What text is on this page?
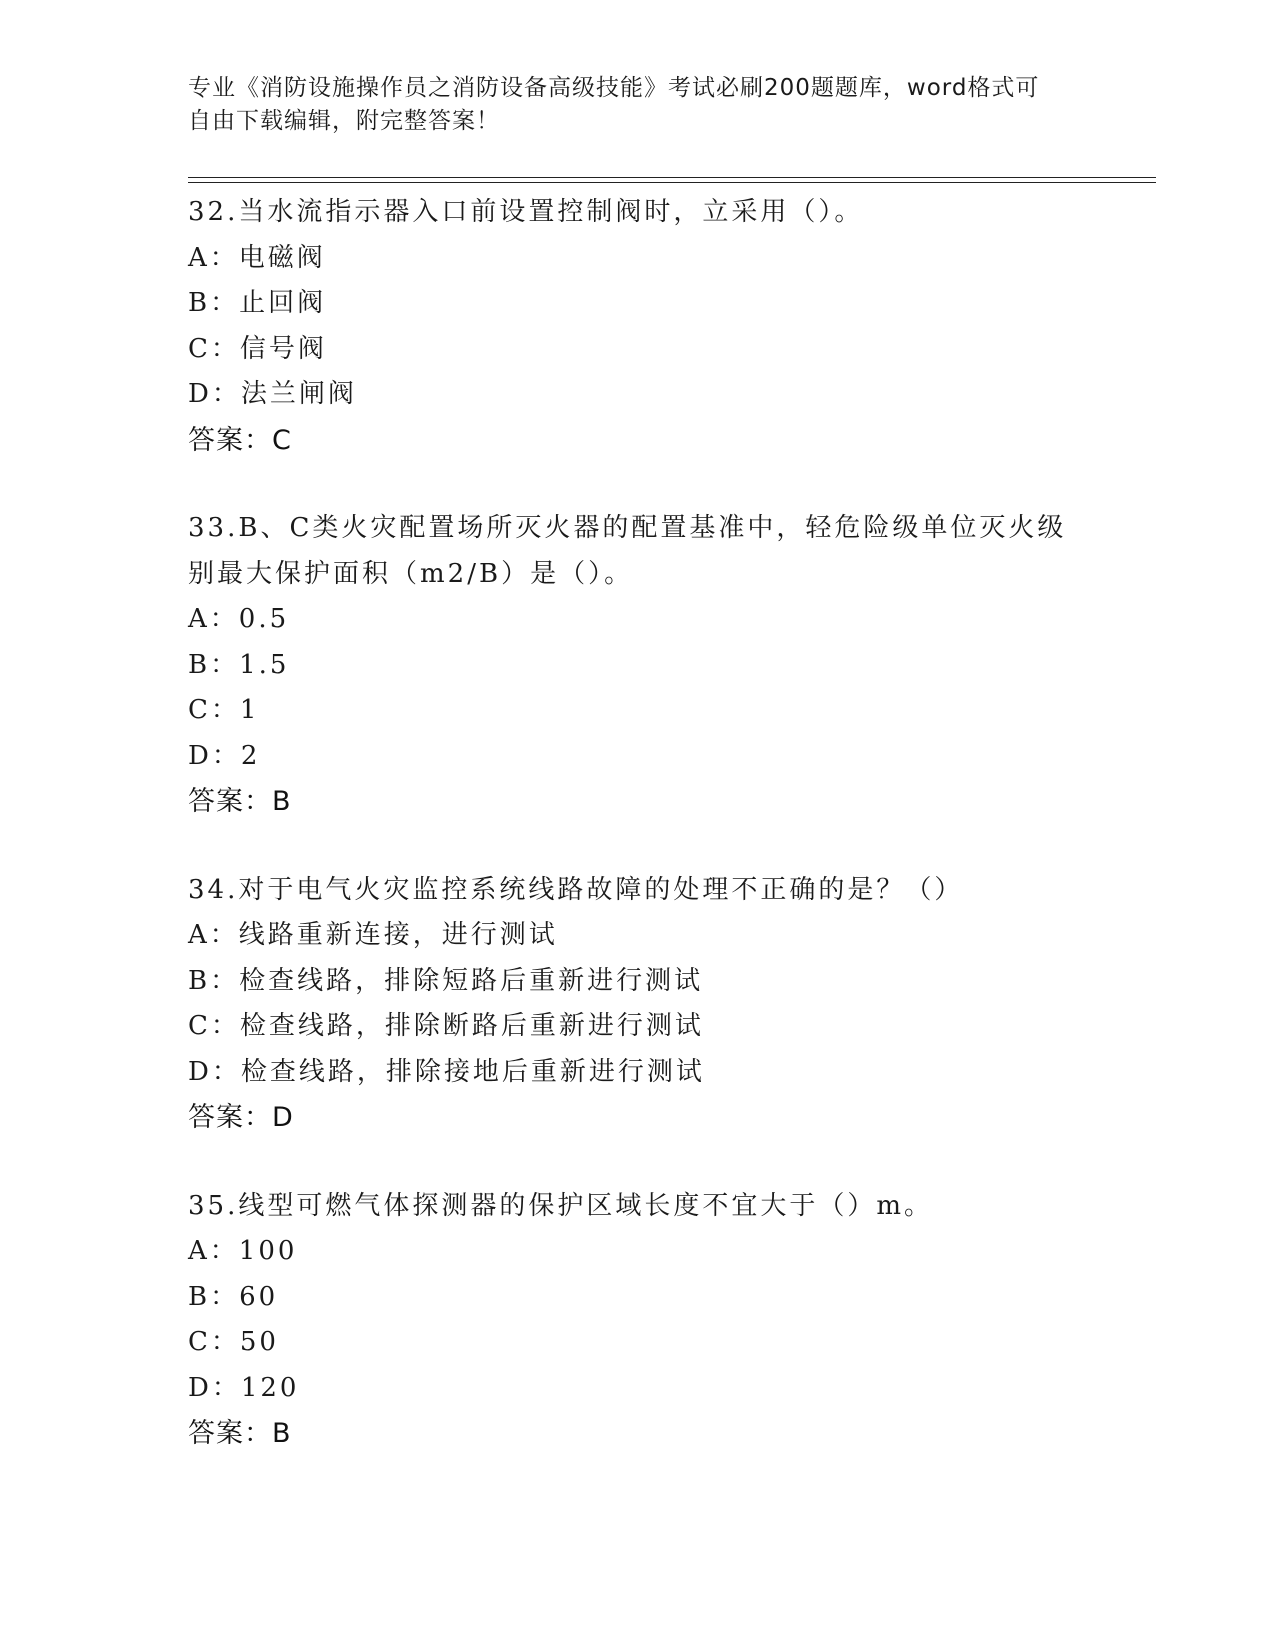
专业《消防设施操作员之消防设备高级技能》考试必刷200题题库，word格式可
自由下载编辑，附完整答案！
32.当水流指示器入口前设置控制阀时，立采用（）。
A：电磁阀
B：止回阀
C：信号阀
D：法兰闸阀
答案：C
33.B、C类火灾配置场所灭火器的配置基准中，轻危险级单位灭火级别最大保护面积（m2/B）是（）。
A：0.5
B：1.5
C：1
D：2
答案：B
34.对于电气火灾监控系统线路故障的处理不正确的是？（）
A：线路重新连接，进行测试
B：检查线路，排除短路后重新进行测试
C：检查线路，排除断路后重新进行测试
D：检查线路，排除接地后重新进行测试
答案：D
35.线型可燃气体探测器的保护区域长度不宜大于（）m。
A：100
B：60
C：50
D：120
答案：B
